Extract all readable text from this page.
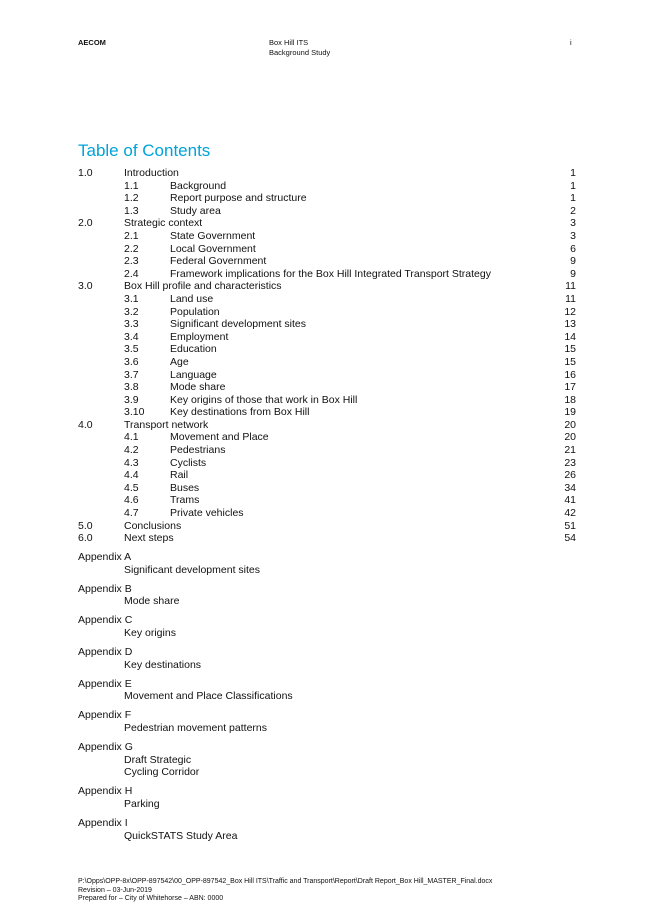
AECOM	Box Hill ITS
Background Study
i
Table of Contents
1.0	Introduction	1
1.1	Background	1
1.2	Report purpose and structure	1
1.3	Study area	2
2.0	Strategic context	3
2.1	State Government	3
2.2	Local Government	6
2.3	Federal Government	9
2.4	Framework implications for the Box Hill Integrated Transport Strategy	9
3.0	Box Hill profile and characteristics	11
3.1	Land use	11
3.2	Population	12
3.3	Significant development sites	13
3.4	Employment	14
3.5	Education	15
3.6	Age	15
3.7	Language	16
3.8	Mode share	17
3.9	Key origins of those that work in Box Hill	18
3.10 Key destinations from Box Hill	19
4.0	Transport network	20
4.1	Movement and Place	20
4.2	Pedestrians	21
4.3	Cyclists	23
4.4	Rail	26
4.5	Buses	34
4.6	Trams	41
4.7	Private vehicles	42
5.0	Conclusions	51
6.0	Next steps	54
Appendix A
Significant development sites
Appendix B
Mode share
Appendix C
Key origins
Appendix D
Key destinations
Appendix E
Movement and Place Classifications
Appendix F
Pedestrian movement patterns
Appendix G
Draft Strategic
Cycling Corridor
Appendix H
Parking
Appendix I
QuickSTATS Study Area
P:\Opps\OPP-8x\OPP-897542\00_OPP-897542_Box Hill ITS\Traffic and Transport\Report\Draft Report_Box Hill_MASTER_Final.docx
Revision – 03-Jun-2019
Prepared for – City of Whitehorse – ABN: 0000
